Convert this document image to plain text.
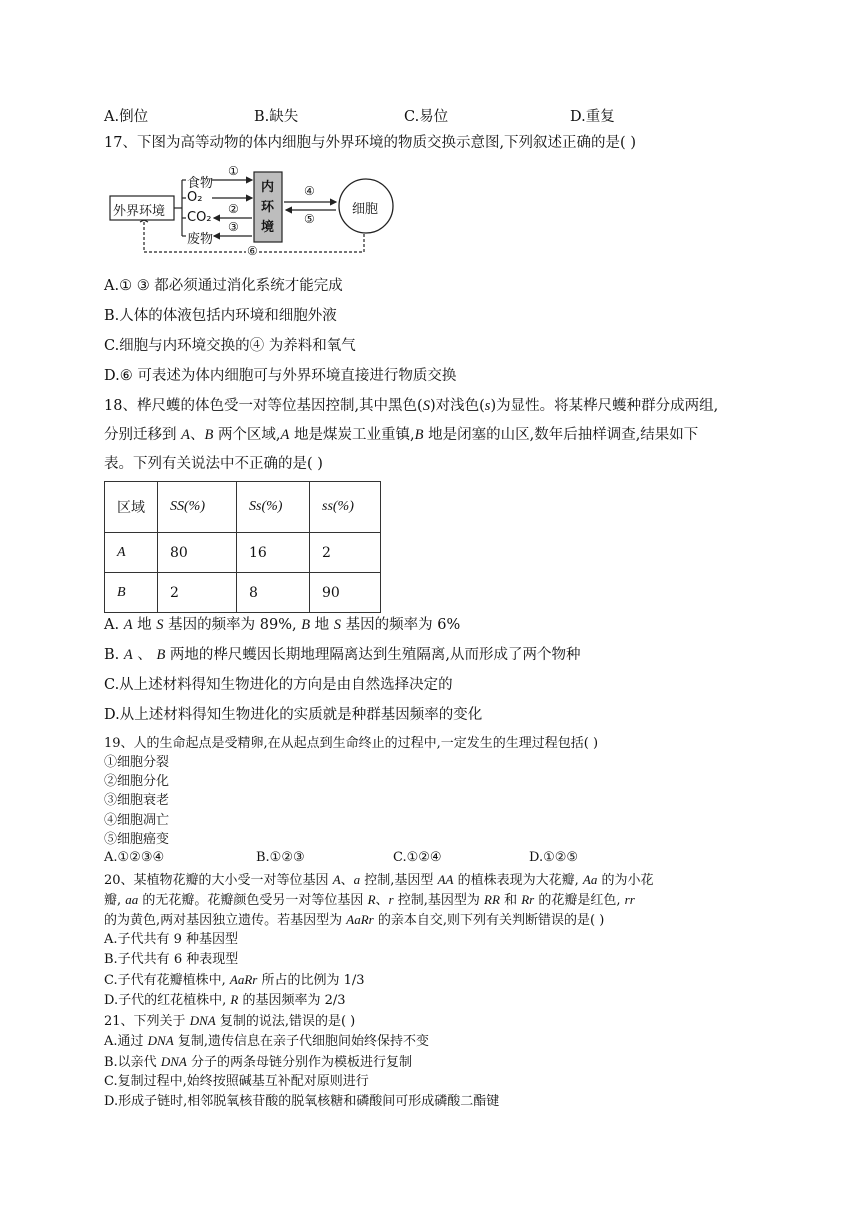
A.倒位	B.缺失	C.易位	D.重复
17、下图为高等动物的体内细胞与外界环境的物质交换示意图,下列叙述正确的是( )
外界环境
食物
O₂
CO₂
废物
①
②
③
内
环
境
④
⑤
细胞
⑥
A.① ③ 都必须通过消化系统才能完成
B.人体的体液包括内环境和细胞外液
C.细胞与内环境交换的④ 为养料和氧气
D.⑥ 可表述为体内细胞可与外界环境直接进行物质交换
18、桦尺蠖的体色受一对等位基因控制,其中黑色(S)对浅色(s)为显性。将某桦尺蠖种群分成两组,
分别迁移到 A、B 两个区域,A 地是煤炭工业重镇,B 地是闭塞的山区,数年后抽样调查,结果如下
表。下列有关说法中不正确的是( )
区域	SS(%)	Ss(%)	ss(%)
A	80	16	2
B	2	8	90
A. A 地 S 基因的频率为 89%, B 地 S 基因的频率为 6%
B. A 、 B 两地的桦尺蠖因长期地理隔离达到生殖隔离,从而形成了两个物种
C.从上述材料得知生物进化的方向是由自然选择决定的
D.从上述材料得知生物进化的实质就是种群基因频率的变化
19、人的生命起点是受精卵,在从起点到生命终止的过程中,一定发生的生理过程包括( )
①细胞分裂
②细胞分化
③细胞衰老
④细胞凋亡
⑤细胞癌变
A.①②③④	B.①②③	C.①②④	D.①②⑤
20、某植物花瓣的大小受一对等位基因 A、a 控制,基因型 AA 的植株表现为大花瓣, Aa 的为小花
瓣, aa 的无花瓣。花瓣颜色受另一对等位基因 R、r 控制,基因型为 RR 和 Rr 的花瓣是红色, rr
的为黄色,两对基因独立遗传。若基因型为 AaRr 的亲本自交,则下列有关判断错误的是( )
A.子代共有 9 种基因型
B.子代共有 6 种表现型
C.子代有花瓣植株中, AaRr 所占的比例为 1/3
D.子代的红花植株中, R 的基因频率为 2/3
21、下列关于 DNA 复制的说法,错误的是( )
A.通过 DNA 复制,遗传信息在亲子代细胞间始终保持不变
B.以亲代 DNA 分子的两条母链分别作为模板进行复制
C.复制过程中,始终按照碱基互补配对原则进行
D.形成子链时,相邻脱氧核苷酸的脱氧核糖和磷酸间可形成磷酸二酯键
